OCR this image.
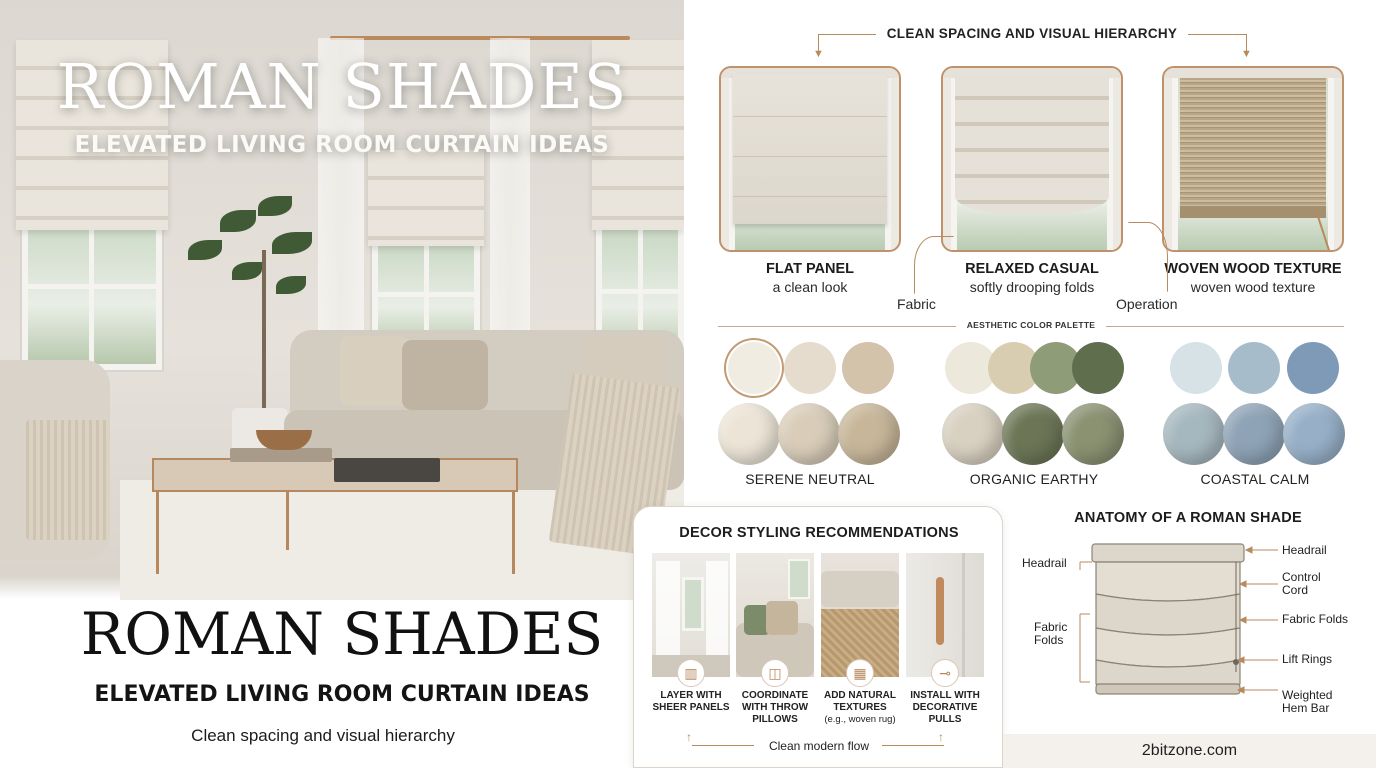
ROMAN SHADES
ELEVATED LIVING ROOM CURTAIN IDEAS
ROMAN SHADES
ELEVATED LIVING ROOM CURTAIN IDEAS
Clean spacing and visual hierarchy
CLEAN SPACING AND VISUAL HIERARCHY
▼	▼
FLAT PANEL
a clean look
RELAXED CASUAL
softly drooping folds
WOVEN WOOD TEXTURE
woven wood texture
Fabric	Operation
AESTHETIC COLOR PALETTE
SERENE NEUTRAL	ORGANIC EARTHY	COASTAL CALM
DECOR STYLING RECOMMENDATIONS
▥	◫	▦	⊸
LAYER WITH SHEER PANELS
COORDINATE WITH THROW PILLOWS
ADD NATURAL TEXTURES
(e.g., woven rug)
INSTALL WITH DECORATIVE PULLS
↑	↑
Clean modern flow
ANATOMY OF A ROMAN SHADE
Headrail
Fabric Folds
Headrail
Control Cord
Fabric Folds
Lift Rings
Weighted Hem Bar
2bitzone.com
